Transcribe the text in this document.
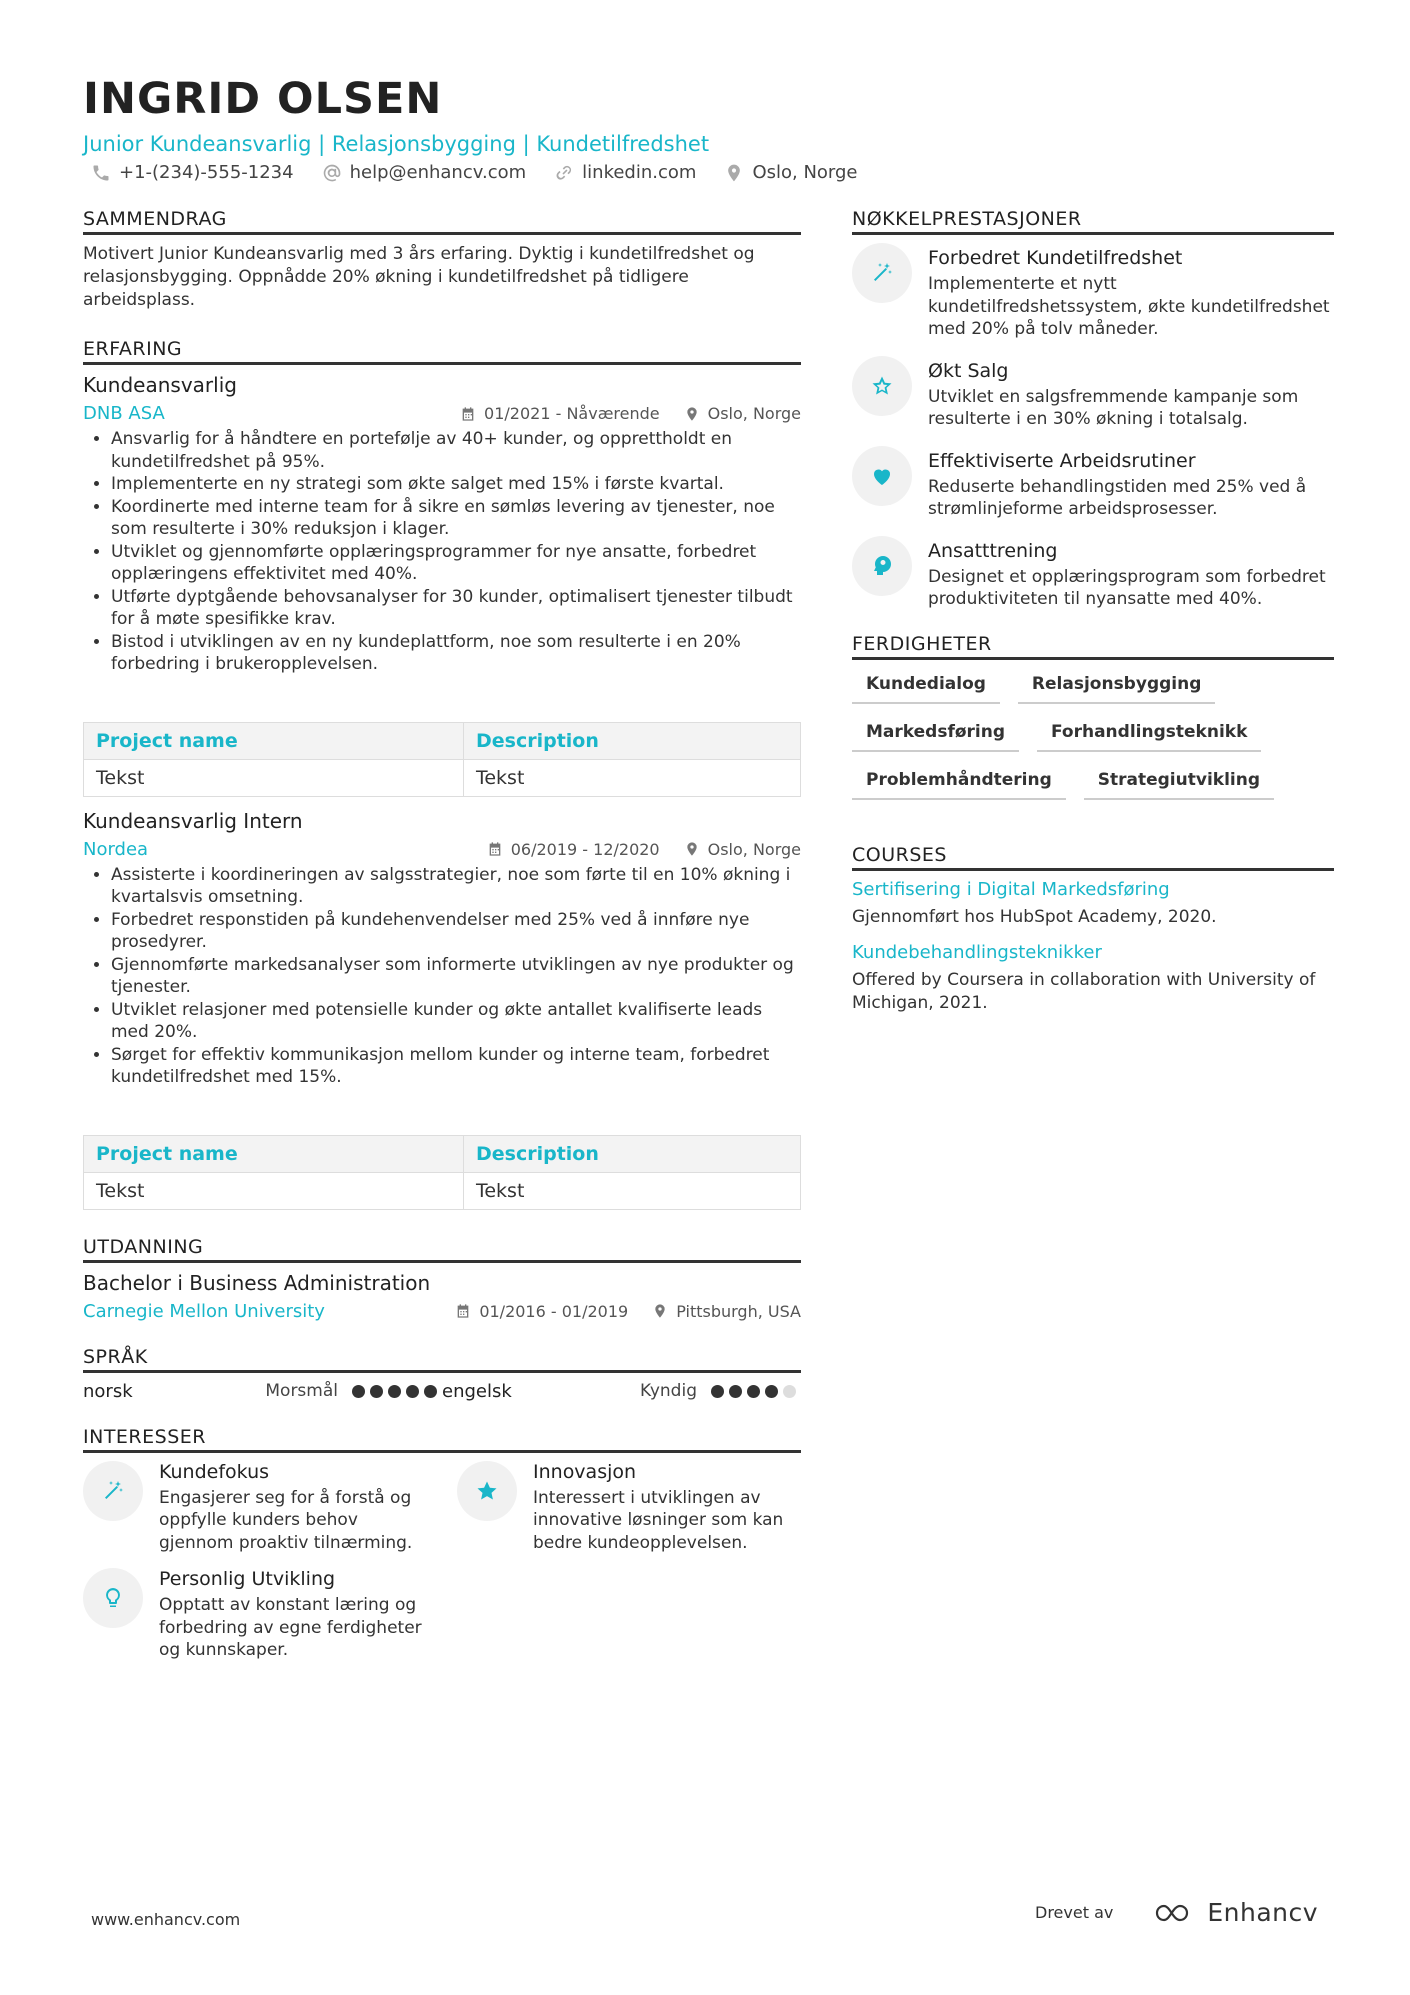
INGRID OLSEN
Junior Kundeansvarlig | Relasjonsbygging | Kundetilfredshet
+1-(234)-555-1234	help@enhancv.com	linkedin.com	Oslo, Norge
SAMMENDRAG
Motivert Junior Kundeansvarlig med 3 års erfaring. Dyktig i kundetilfredshet og relasjonsbygging. Oppnådde 20% økning i kundetilfredshet på tidligere arbeidsplass.
ERFARING
Kundeansvarlig
DNB ASA	01/2021 - Nåværende	Oslo, Norge
• Ansvarlig for å håndtere en portefølje av 40+ kunder, og opprettholdt en kundetilfredshet på 95%.
• Implementerte en ny strategi som økte salget med 15% i første kvartal.
• Koordinerte med interne team for å sikre en sømløs levering av tjenester, noe som resulterte i 30% reduksjon i klager.
• Utviklet og gjennomførte opplæringsprogrammer for nye ansatte, forbedret opplæringens effektivitet med 40%.
• Utførte dyptgående behovsanalyser for 30 kunder, optimalisert tjenester tilbudt for å møte spesifikke krav.
• Bistod i utviklingen av en ny kundeplattform, noe som resulterte i en 20% forbedring i brukeropplevelsen.
Project name	Description
Tekst	Tekst
Kundeansvarlig Intern
Nordea	06/2019 - 12/2020	Oslo, Norge
• Assisterte i koordineringen av salgsstrategier, noe som førte til en 10% økning i kvartalsvis omsetning.
• Forbedret responstiden på kundehenvendelser med 25% ved å innføre nye prosedyrer.
• Gjennomførte markedsanalyser som informerte utviklingen av nye produkter og tjenester.
• Utviklet relasjoner med potensielle kunder og økte antallet kvalifiserte leads med 20%.
• Sørget for effektiv kommunikasjon mellom kunder og interne team, forbedret kundetilfredshet med 15%.
Project name	Description
Tekst	Tekst
UTDANNING
Bachelor i Business Administration
Carnegie Mellon University	01/2016 - 01/2019	Pittsburgh, USA
SPRÅK
norsk	Morsmål	engelsk	Kyndig
INTERESSER
Kundefokus
Engasjerer seg for å forstå og oppfylle kunders behov gjennom proaktiv tilnærming.
Innovasjon
Interessert i utviklingen av innovative løsninger som kan bedre kundeopplevelsen.
Personlig Utvikling
Opptatt av konstant læring og forbedring av egne ferdigheter og kunnskaper.
NØKKELPRESTASJONER
Forbedret Kundetilfredshet
Implementerte et nytt kundetilfredshetssystem, økte kundetilfredshet med 20% på tolv måneder.
Økt Salg
Utviklet en salgsfremmende kampanje som resulterte i en 30% økning i totalsalg.
Effektiviserte Arbeidsrutiner
Reduserte behandlingstiden med 25% ved å strømlinjeforme arbeidsprosesser.
Ansatttrening
Designet et opplæringsprogram som forbedret produktiviteten til nyansatte med 40%.
FERDIGHETER
Kundedialog	Relasjonsbygging
Markedsføring	Forhandlingsteknikk
Problemhåndtering	Strategiutvikling
COURSES
Sertifisering i Digital Markedsføring
Gjennomført hos HubSpot Academy, 2020.
Kundebehandlingsteknikker
Offered by Coursera in collaboration with University of Michigan, 2021.
www.enhancv.com	Drevet av	Enhancv
